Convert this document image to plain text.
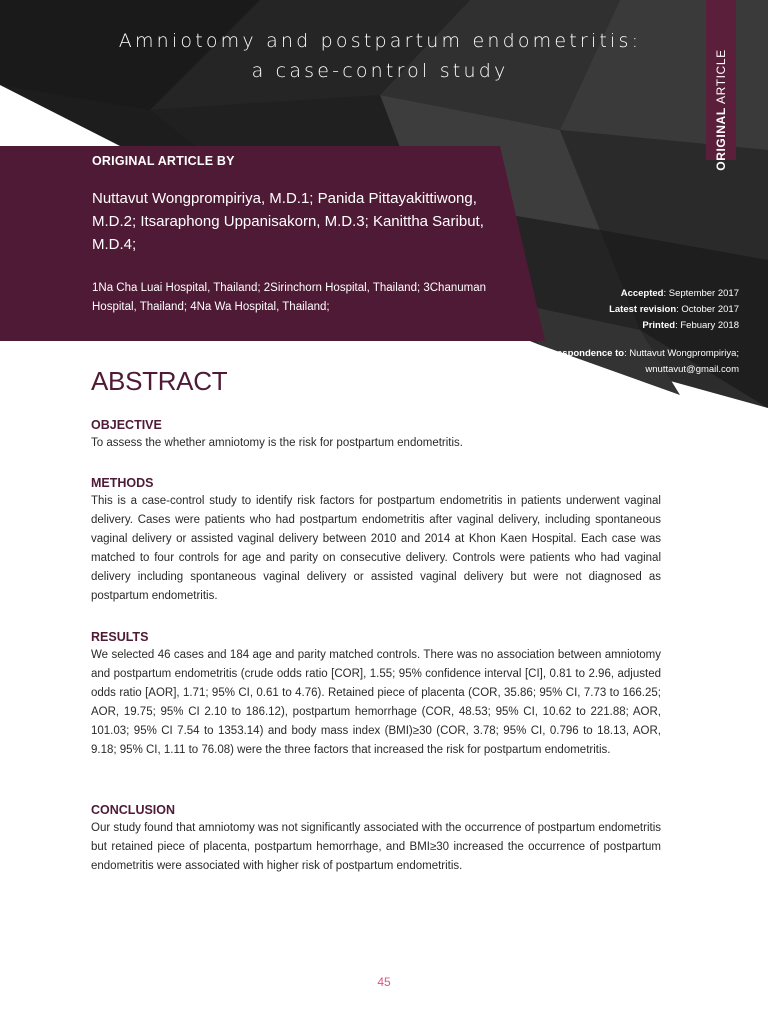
Amniotomy and postpartum endometritis:
a case-control study
ORIGINAL ARTICLE
ORIGINAL ARTICLE BY
Nuttavut Wongprompiriya, M.D.1; Panida Pittayakittiwong, M.D.2; Itsaraphong Uppanisakorn, M.D.3; Kanittha Saribut, M.D.4;
1Na Cha Luai Hospital, Thailand; 2Sirinchorn Hospital, Thailand; 3Chanuman Hospital, Thailand; 4Na Wa Hospital, Thailand;
Accepted: September 2017
Latest revision: October 2017
Printed: Febuary 2018
Correspondence to: Nuttavut Wongprompiriya;
wnuttavut@gmail.com
ABSTRACT
OBJECTIVE

To assess the whether amniotomy is the risk for postpartum endometritis.

METHODS

This is a case-control study to identify risk factors for postpartum endometritis in patients underwent vaginal delivery. Cases were patients who had postpartum endometritis after vaginal delivery, including spontaneous vaginal delivery or assisted vaginal delivery between 2010 and 2014 at Khon Kaen Hospital. Each case was matched to four controls for age and parity on consecutive delivery. Controls were patients who had vaginal delivery including spontaneous vaginal delivery or assisted vaginal delivery but were not diagnosed as postpartum endometritis.

RESULTS

We selected 46 cases and 184 age and parity matched controls. There was no association between amniotomy and postpartum endometritis (crude odds ratio [COR], 1.55; 95% confidence interval [CI], 0.81 to 2.96, adjusted odds ratio [AOR], 1.71; 95% CI, 0.61 to 4.76). Retained piece of placenta (COR, 35.86; 95% CI, 7.73 to 166.25; AOR, 19.75; 95% CI 2.10 to 186.12), postpartum hemorrhage (COR, 48.53; 95% CI, 10.62 to 221.88; AOR, 101.03; 95% CI 7.54 to 1353.14) and body mass index (BMI)≥30 (COR, 3.78; 95% CI, 0.796 to 18.13, AOR, 9.18; 95% CI, 1.11 to 76.08) were the three factors that increased the risk for postpartum endometritis.

CONCLUSION

Our study found that amniotomy was not significantly associated with the occurrence of postpartum endometritis but retained piece of placenta, postpartum hemorrhage, and BMI≥30 increased the occurrence of postpartum endometritis were associated with higher risk of postpartum endometritis.

45
